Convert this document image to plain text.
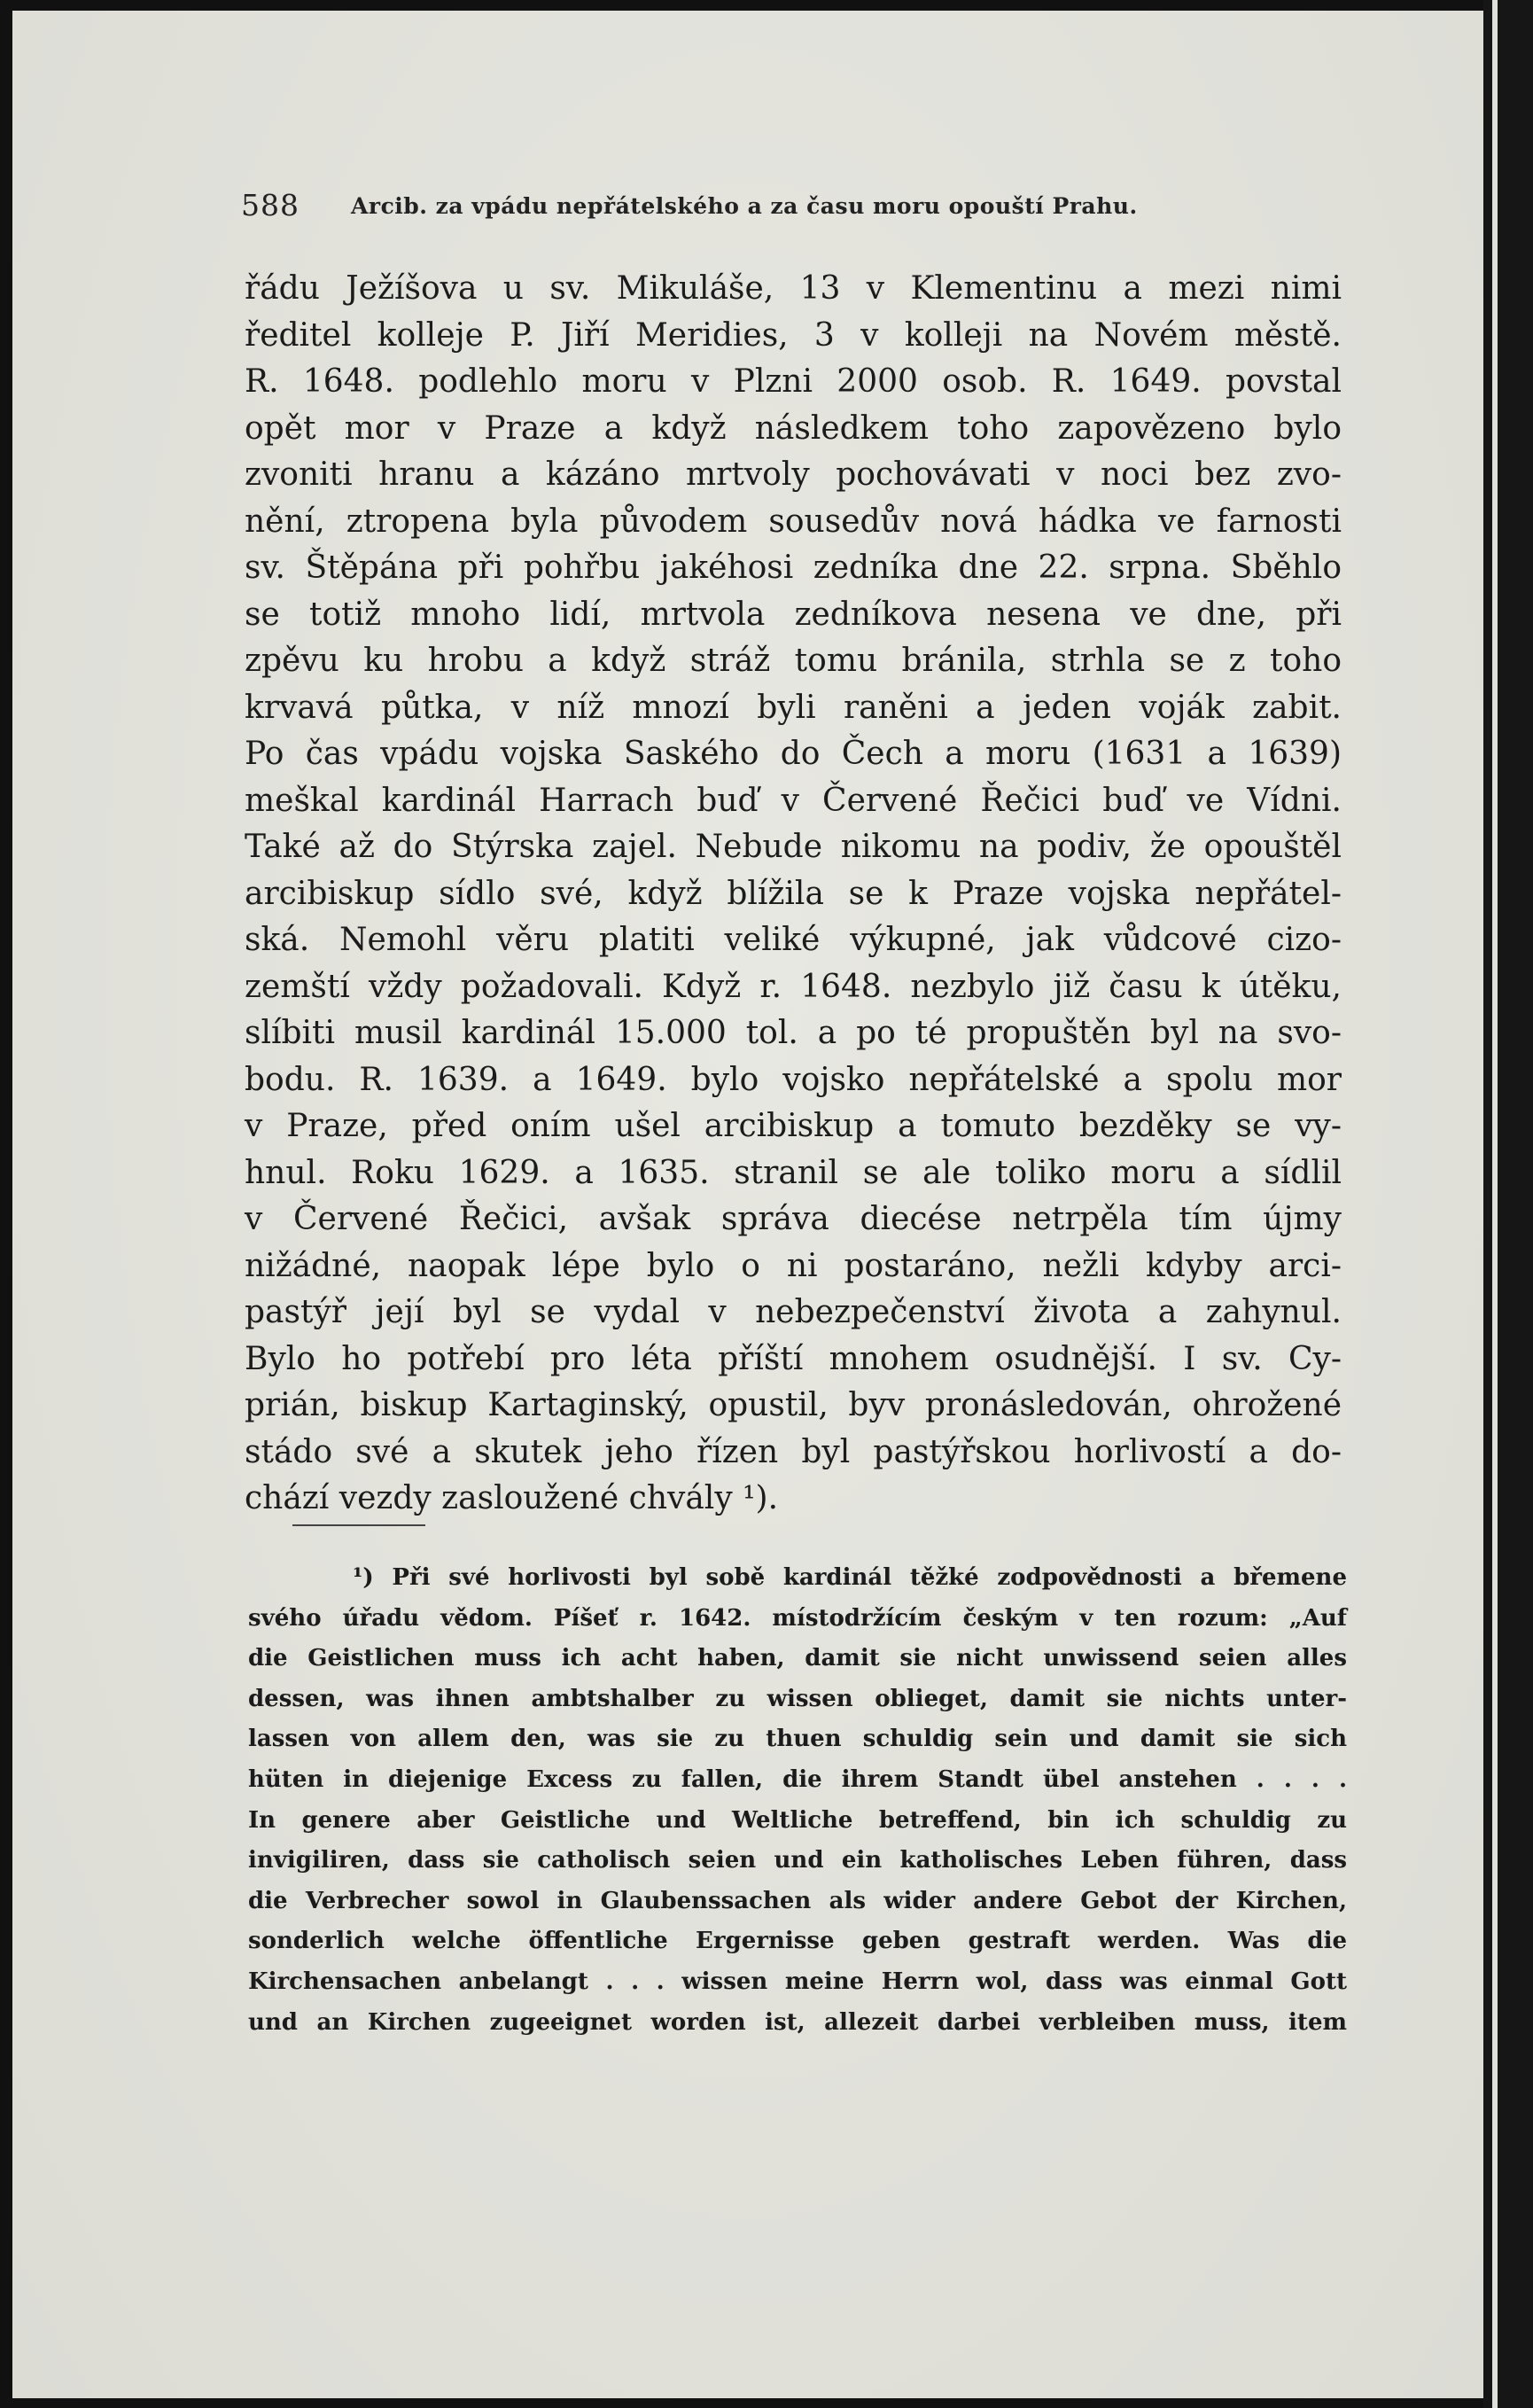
588 Arcib. za vpádu nepřátelského a za času moru opouští Prahu.
řádu Ježíšova u sv. Mikuláše, 13 v Klementinu a mezi nimi
ředitel kolleje P. Jiří Meridies, 3 v kolleji na Novém městě.
R. 1648. podlehlo moru v Plzni 2000 osob. R. 1649. povstal
opět mor v Praze a když následkem toho zapovězeno bylo
zvoniti hranu a kázáno mrtvoly pochovávati v noci bez zvo-
nění, ztropena byla původem sousedův nová hádka ve farnosti
sv. Štěpána při pohřbu jakéhosi zedníka dne 22. srpna. Sběhlo
se totiž mnoho lidí, mrtvola zedníkova nesena ve dne, při
zpěvu ku hrobu a když stráž tomu bránila, strhla se z toho
krvavá půtka, v níž mnozí byli raněni a jeden voják zabit.
Po čas vpádu vojska Saského do Čech a moru (1631 a 1639)
meškal kardinál Harrach buď v Červené Řečici buď ve Vídni.
Také až do Stýrska zajel. Nebude nikomu na podiv, že opouštěl
arcibiskup sídlo své, když blížila se k Praze vojska nepřátel-
ská. Nemohl věru platiti veliké výkupné, jak vůdcové cizo-
zemští vždy požadovali. Když r. 1648. nezbylo již času k útěku,
slíbiti musil kardinál 15.000 tol. a po té propuštěn byl na svo-
bodu. R. 1639. a 1649. bylo vojsko nepřátelské a spolu mor
v Praze, před oním ušel arcibiskup a tomuto bezděky se vy-
hnul. Roku 1629. a 1635. stranil se ale toliko moru a sídlil
v Červené Řečici, avšak správa diecése netrpěla tím újmy
nižádné, naopak lépe bylo o ni postaráno, nežli kdyby arci-
pastýř její byl se vydal v nebezpečenství života a zahynul.
Bylo ho potřebí pro léta příští mnohem osudnější. I sv. Cy-
prián, biskup Kartaginský, opustil, byv pronásledován, ohrožené
stádo své a skutek jeho řízen byl pastýřskou horlivostí a do-
chází vezdy zasloužené chvály ¹).
¹) Při své horlivosti byl sobě kardinál těžké zodpovědnosti a břemene
svého úřadu vědom. Píšeť r. 1642. místodržícím českým v ten rozum: „Auf
die Geistlichen muss ich acht haben, damit sie nicht unwissend seien alles
dessen, was ihnen ambtshalber zu wissen oblieget, damit sie nichts unter-
lassen von allem den, was sie zu thuen schuldig sein und damit sie sich
hüten in diejenige Excess zu fallen, die ihrem Standt übel anstehen . . . .
In genere aber Geistliche und Weltliche betreffend, bin ich schuldig zu
invigiliren, dass sie catholisch seien und ein katholisches Leben führen, dass
die Verbrecher sowol in Glaubenssachen als wider andere Gebot der Kirchen,
sonderlich welche öffentliche Ergernisse geben gestraft werden. Was die
Kirchensachen anbelangt . . . wissen meine Herrn wol, dass was einmal Gott
und an Kirchen zugeeignet worden ist, allezeit darbei verbleiben muss, item
